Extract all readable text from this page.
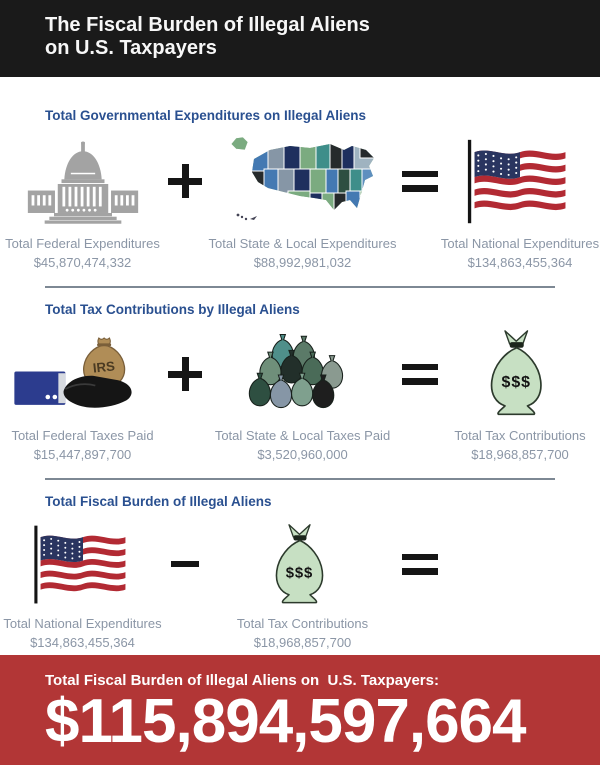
The Fiscal Burden of Illegal Aliens
on U.S. Taxpayers
Total Governmental Expenditures on Illegal Aliens
Total Federal Expenditures
$45,870,474,332
Total State & Local Expenditures
$88,992,981,032
Total National Expenditures
$134,863,455,364
Total Tax Contributions by Illegal Aliens
Total Federal Taxes Paid
$15,447,897,700
Total State & Local Taxes Paid
$3,520,960,000
Total Tax Contributions
$18,968,857,700
Total Fiscal Burden of Illegal Aliens
Total National Expenditures
$134,863,455,364
Total Tax Contributions
$18,968,857,700
Total Fiscal Burden of Illegal Aliens on  U.S. Taxpayers:
$115,894,597,664
